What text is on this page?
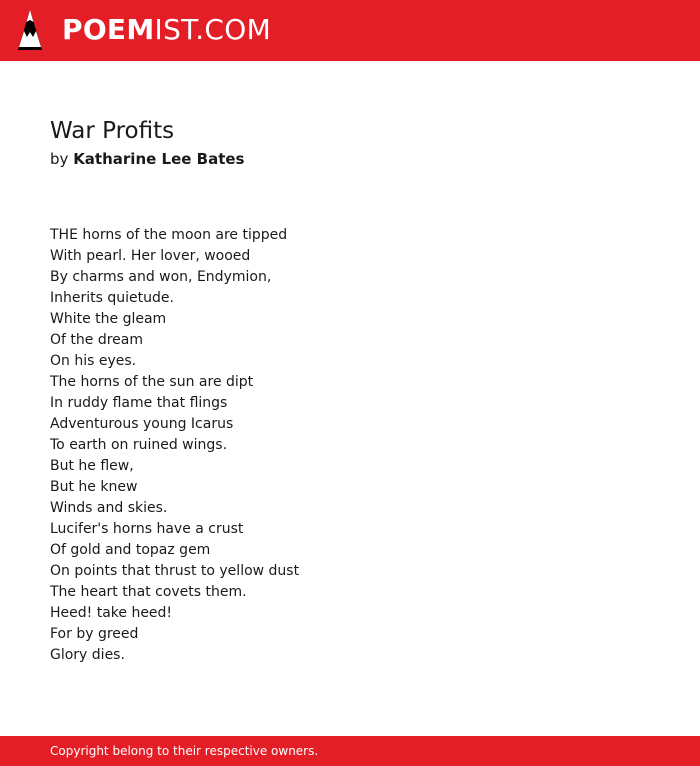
POEMIST.COM
War Profits
by Katharine Lee Bates
THE horns of the moon are tipped
With pearl. Her lover, wooed
By charms and won, Endymion,
Inherits quietude.
White the gleam
Of the dream
On his eyes.
The horns of the sun are dipt
In ruddy flame that flings
Adventurous young Icarus
To earth on ruined wings.
But he flew,
But he knew
Winds and skies.
Lucifer's horns have a crust
Of gold and topaz gem
On points that thrust to yellow dust
The heart that covets them.
Heed! take heed!
For by greed
Glory dies.
Copyright belong to their respective owners.
